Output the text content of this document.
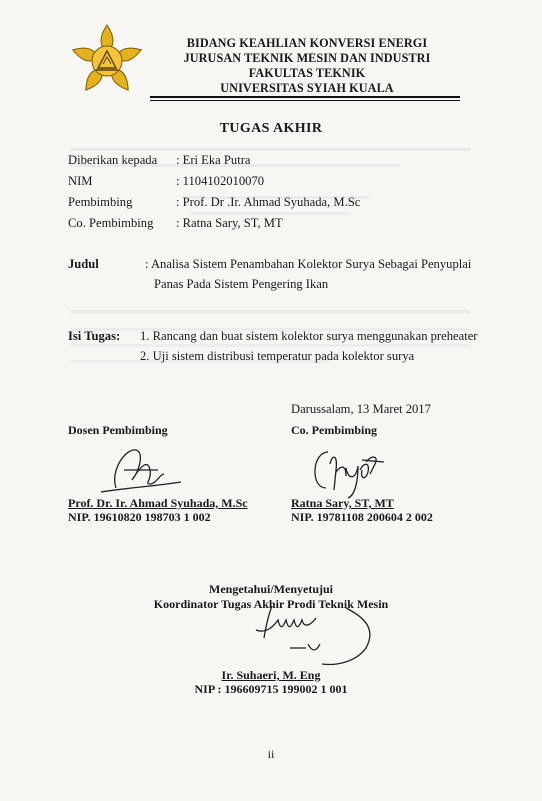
BIDANG KEAHLIAN KONVERSI ENERGI
JURUSAN TEKNIK MESIN DAN INDUSTRI
FAKULTAS TEKNIK
UNIVERSITAS SYIAH KUALA
TUGAS AKHIR
Diberikan kepada	: Eri Eka Putra
NIM	: 1104102010070
Pembimbing	: Prof. Dr .Ir. Ahmad Syuhada, M.Sc
Co. Pembimbing	: Ratna Sary, ST, MT
Judul	: Analisa Sistem Penambahan Kolektor Surya Sebagai Penyuplai
Panas Pada Sistem Pengering Ikan
Isi Tugas: 1. Rancang dan buat sistem kolektor surya menggunakan preheater
2. Uji sistem distribusi temperatur pada kolektor surya
Darussalam, 13 Maret 2017
Dosen Pembimbing	Co. Pembimbing
Prof. Dr. Ir. Ahmad Syuhada, M.Sc
NIP. 19610820 198703 1 002
Ratna Sary, ST, MT
NIP. 19781108 200604 2 002
Mengetahui/Menyetujui
Koordinator Tugas Akhir Prodi Teknik Mesin
Ir. Suhaeri, M. Eng
NIP : 196609715 199002 1 001
ii
